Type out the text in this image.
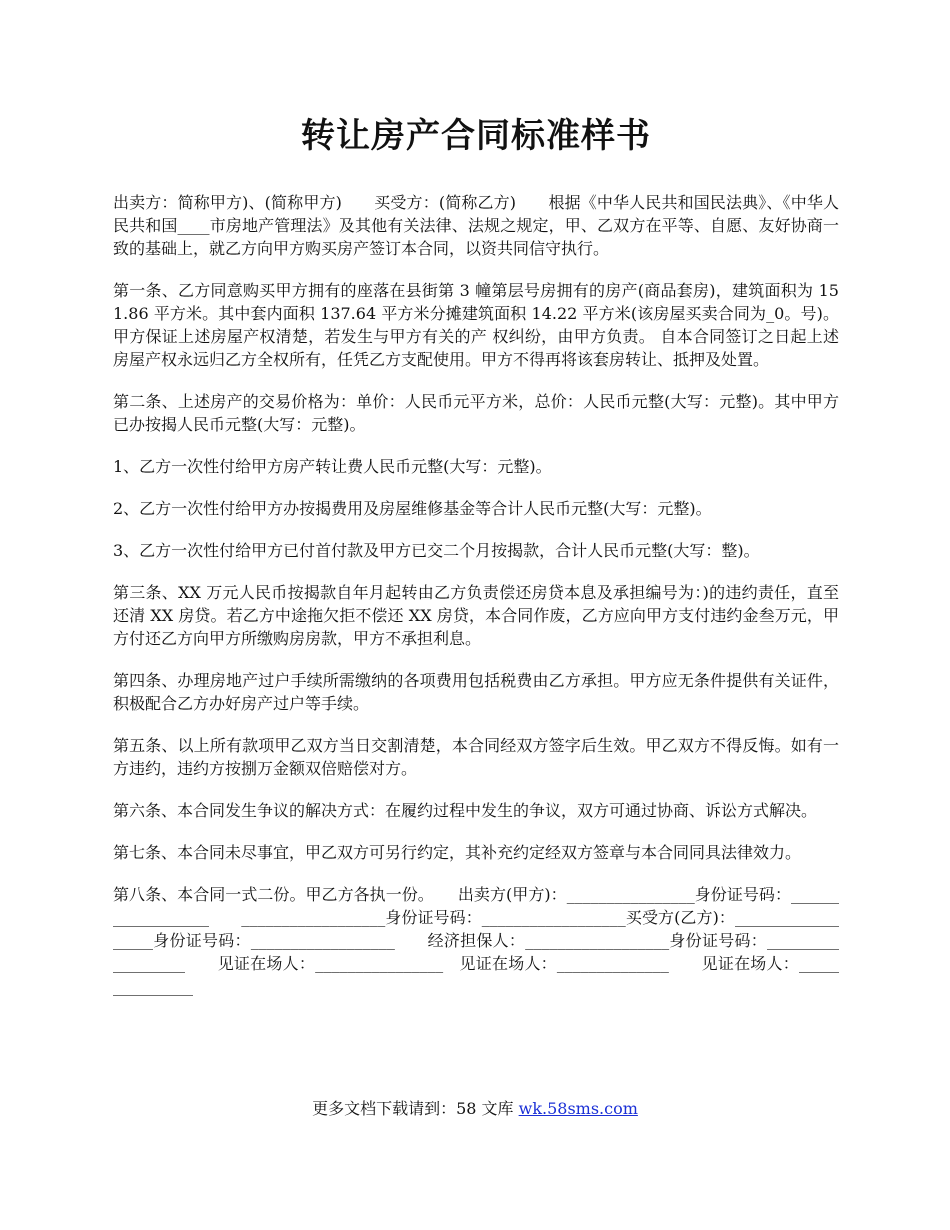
转让房产合同标准样书

出卖方：简称甲方)、(简称甲方)　　买受方：(简称乙方)　　根据《中华人民共和国民法典》、《中华人民共和国____市房地产管理法》及其他有关法律、法规之规定，甲、乙双方在平等、自愿、友好协商一致的基础上，就乙方向甲方购买房产签订本合同，以资共同信守执行。

第一条、乙方同意购买甲方拥有的座落在县街第 3 幢第层号房拥有的房产(商品套房)，建筑面积为 151.86 平方米。其中套内面积 137.64 平方米分摊建筑面积 14.22 平方米(该房屋买卖合同为_0。号)。甲方保证上述房屋产权清楚，若发生与甲方有关的产 权纠纷，由甲方负责。 自本合同签订之日起上述房屋产权永远归乙方全权所有，任凭乙方支配使用。甲方不得再将该套房转让、抵押及处置。

第二条、上述房产的交易价格为：单价：人民币元平方米，总价：人民币元整(大写：元整)。其中甲方已办按揭人民币元整(大写：元整)。

1、乙方一次性付给甲方房产转让费人民币元整(大写：元整)。

2、乙方一次性付给甲方办按揭费用及房屋维修基金等合计人民币元整(大写：元整)。

3、乙方一次性付给甲方已付首付款及甲方已交二个月按揭款，合计人民币元整(大写：整)。

第三条、XX 万元人民币按揭款自年月起转由乙方负责偿还房贷本息及承担编号为：)的违约责任，直至还清 XX 房贷。若乙方中途拖欠拒不偿还 XX 房贷，本合同作废，乙方应向甲方支付违约金叁万元，甲方付还乙方向甲方所缴购房房款，甲方不承担利息。

第四条、办理房地产过户手续所需缴纳的各项费用包括税费由乙方承担。甲方应无条件提供有关证件，积极配合乙方办好房产过户等手续。

第五条、以上所有款项甲乙双方当日交割清楚，本合同经双方签字后生效。甲乙双方不得反悔。如有一方违约，违约方按捌万金额双倍赔偿对方。

第六条、本合同发生争议的解决方式：在履约过程中发生的争议，双方可通过协商、诉讼方式解决。

第七条、本合同未尽事宜，甲乙双方可另行约定，其补充约定经双方签章与本合同同具法律效力。

第八条、本合同一式二份。甲乙方各执一份。　　出卖方(甲方)：________________身份证号码：__________________　　__________________身份证号码：__________________买受方(乙方)：__________________身份证号码：__________________　　经济担保人：__________________身份证号码：__________________　　见证在场人：________________　见证在场人：______________　　见证在场人：_______________

更多文档下载请到：58 文库 wk.58sms.com
